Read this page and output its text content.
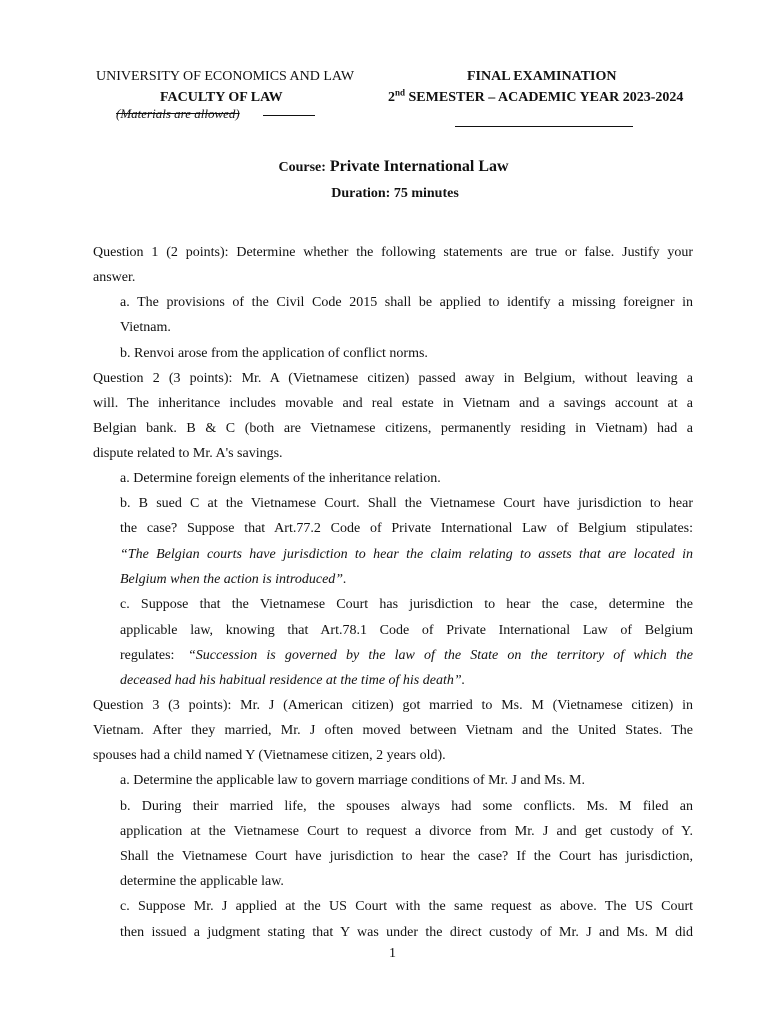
UNIVERSITY OF ECONOMICS AND LAW
FACULTY OF LAW
(Materials are allowed)
FINAL EXAMINATION
2nd SEMESTER – ACADEMIC YEAR 2023-2024
Course: Private International Law
Duration: 75 minutes
Question 1 (2 points): Determine whether the following statements are true or false. Justify your
answer.
a. The provisions of the Civil Code 2015 shall be applied to identify a missing foreigner in
Vietnam.
b. Renvoi arose from the application of conflict norms.
Question 2 (3 points): Mr. A (Vietnamese citizen) passed away in Belgium, without leaving a
will. The inheritance includes movable and real estate in Vietnam and a savings account at a
Belgian bank. B & C (both are Vietnamese citizens, permanently residing in Vietnam) had a
dispute related to Mr. A's savings.
a. Determine foreign elements of the inheritance relation.
b. B sued C at the Vietnamese Court. Shall the Vietnamese Court have jurisdiction to hear
the case? Suppose that Art.77.2 Code of Private International Law of Belgium stipulates:
“The Belgian courts have jurisdiction to hear the claim relating to assets that are located in
Belgium when the action is introduced”.
c. Suppose that the Vietnamese Court has jurisdiction to hear the case, determine the
applicable law, knowing that Art.78.1 Code of Private International Law of Belgium
regulates: “Succession is governed by the law of the State on the territory of which the
deceased had his habitual residence at the time of his death”.
Question 3 (3 points): Mr. J (American citizen) got married to Ms. M (Vietnamese citizen) in
Vietnam. After they married, Mr. J often moved between Vietnam and the United States. The
spouses had a child named Y (Vietnamese citizen, 2 years old).
a. Determine the applicable law to govern marriage conditions of Mr. J and Ms. M.
b. During their married life, the spouses always had some conflicts. Ms. M filed an
application at the Vietnamese Court to request a divorce from Mr. J and get custody of Y.
Shall the Vietnamese Court have jurisdiction to hear the case? If the Court has jurisdiction,
determine the applicable law.
c. Suppose Mr. J applied at the US Court with the same request as above. The US Court
then issued a judgment stating that Y was under the direct custody of Mr. J and Ms. M did
1
